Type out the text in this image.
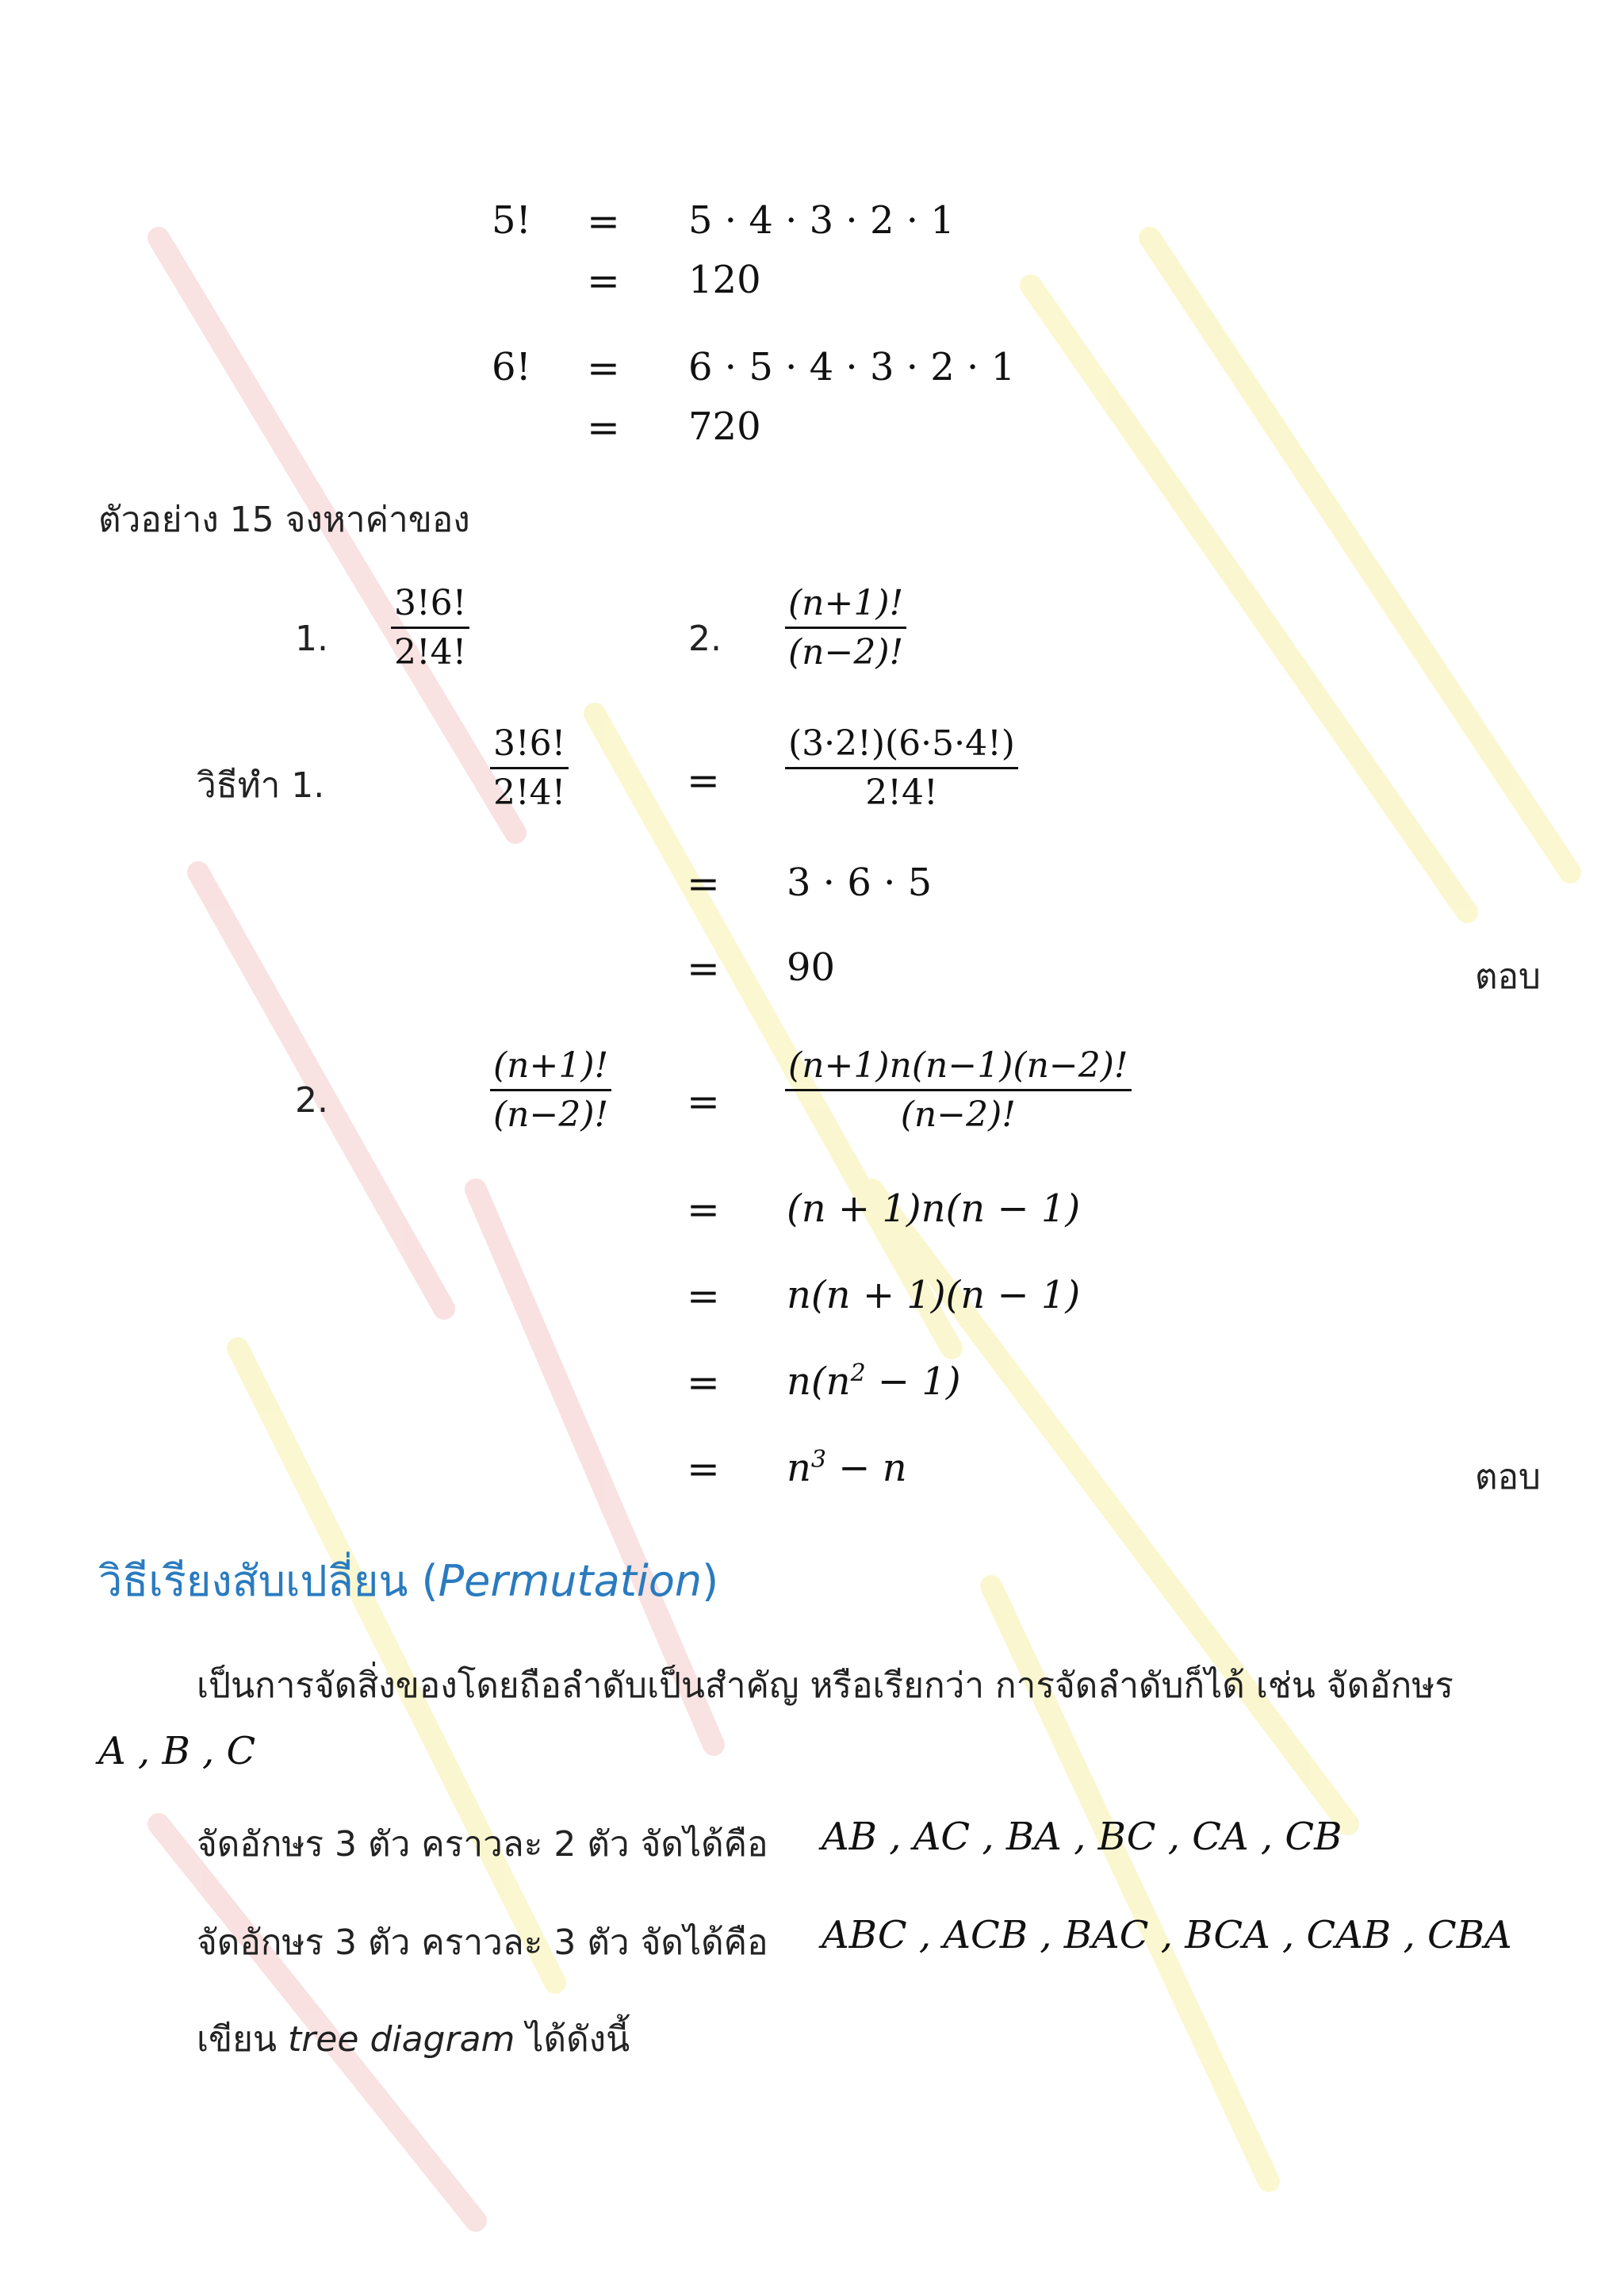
5! = 5 · 4 · 3 · 2 · 1
= 120
6! = 6 · 5 · 4 · 3 · 2 · 1
= 720
ตัวอย่าง 15 จงหาค่าของ
1.
3!6!
2!4!	2.
(n+1)!
(n−2)!
วิธีทำ 1.
3!6!
2!4!	=
(3·2!)(6·5·4!)
2!4!
= 3 · 6 · 5
= 90	ตอบ
2.
(n+1)!
(n−2)! =
(n+1)n(n−1)(n−2)!
(n−2)!
= (n + 1)n(n − 1)
= n(n + 1)(n − 1)
= $n(n^2 - 1)$
= $n^3 - n$	ตอบ
วิธีเรียงสับเปลี่ยน (Permutation)
เป็นการจัดสิ่งของโดยถือลำดับเป็นสำคัญ หรือเรียกว่า การจัดลำดับก็ได้ เช่น จัดอักษร
A , B , C
จัดอักษร 3 ตัว คราวละ 2 ตัว จัดได้คือ AB , AC , BA , BC , CA , CB
จัดอักษร 3 ตัว คราวละ 3 ตัว จัดได้คือ ABC , ACB , BAC , BCA , CAB , CBA
เขียน tree diagram ได้ดังนี้
